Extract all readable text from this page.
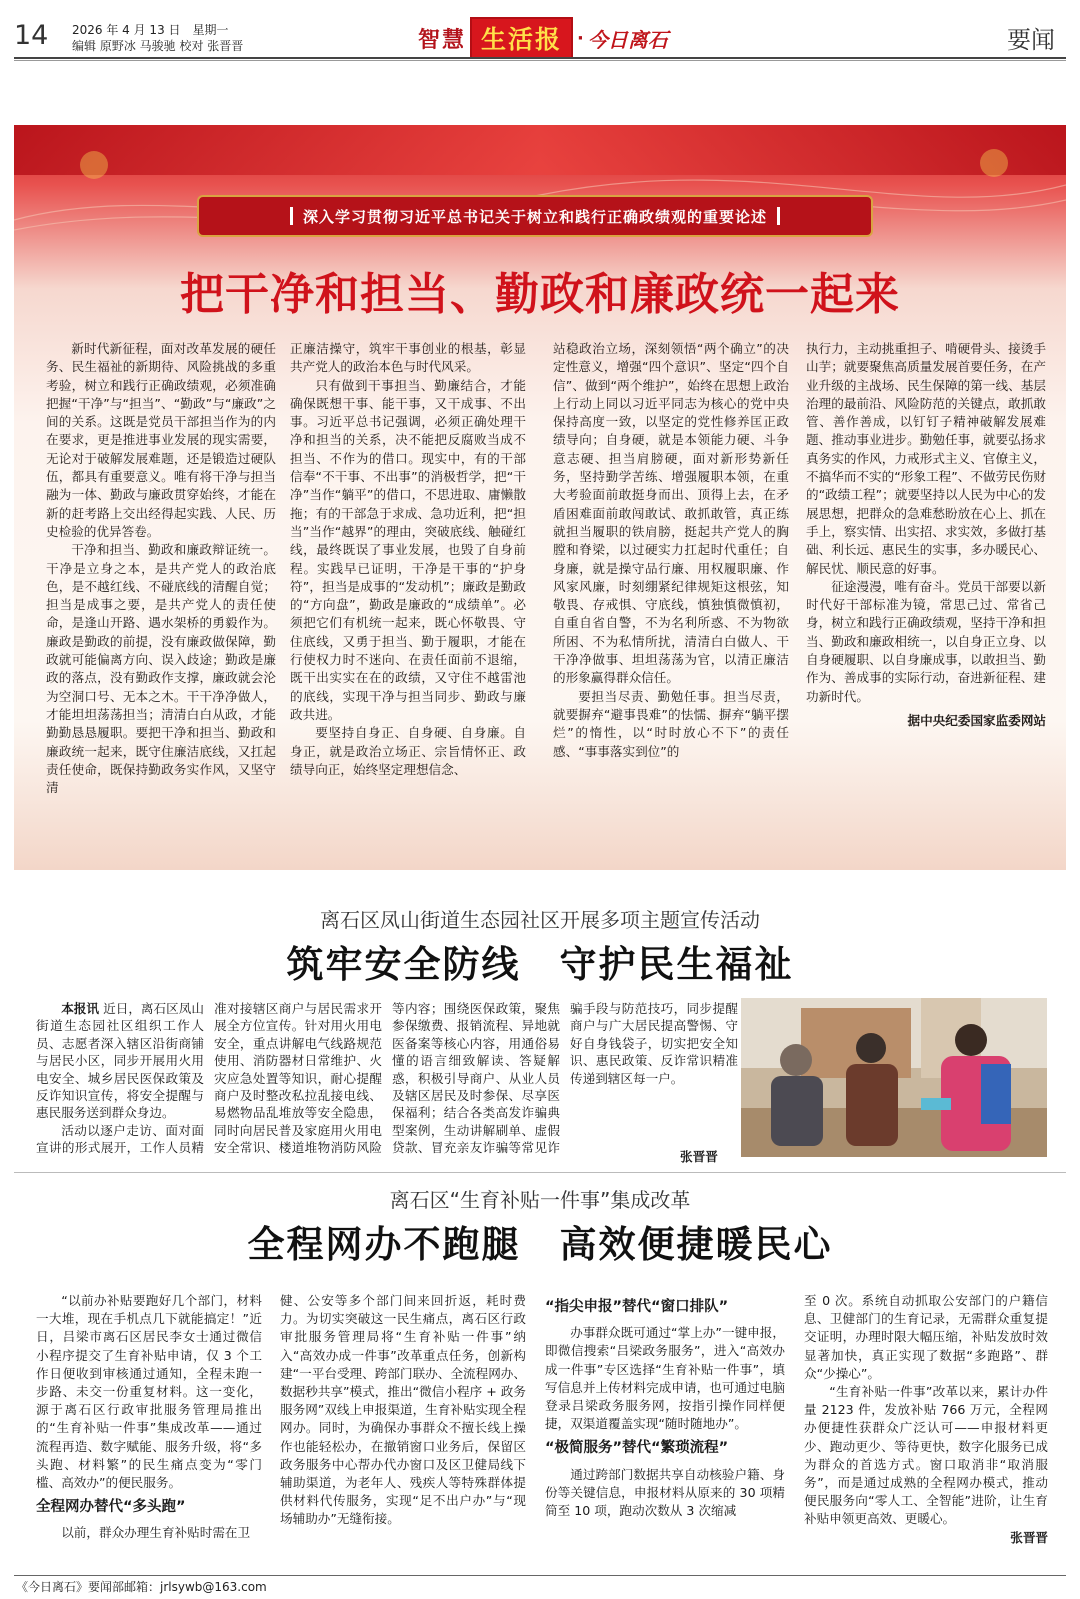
14 2026 年 4 月 13 日　星期一
编辑 原野冰 马骏驰 校对 张晋晋	智慧 生活报 · 今日离石	要闻
深入学习贯彻习近平总书记关于树立和践行正确政绩观的重要论述
把干净和担当、勤政和廉政统一起来

新时代新征程，面对改革发展的硬任务、民生福祉的新期待、风险挑战的多重考验，树立和践行正确政绩观，必须准确把握“干净”与“担当”、“勤政”与“廉政”之间的关系。这既是党员干部担当作为的内在要求，更是推进事业发展的现实需要，无论对于破解发展难题，还是锻造过硬队伍，都具有重要意义。唯有将干净与担当融为一体、勤政与廉政贯穿始终，才能在新的赶考路上交出经得起实践、人民、历史检验的优异答卷。

干净和担当、勤政和廉政辩证统一。干净是立身之本，是共产党人的政治底色，是不越红线、不碰底线的清醒自觉；担当是成事之要，是共产党人的责任使命，是逢山开路、遇水架桥的勇毅作为。廉政是勤政的前提，没有廉政做保障，勤政就可能偏离方向、误入歧途；勤政是廉政的落点，没有勤政作支撑，廉政就会沦为空洞口号、无本之木。干干净净做人，才能坦坦荡荡担当；清清白白从政，才能勤勤恳恳履职。要把干净和担当、勤政和廉政统一起来，既守住廉洁底线，又扛起责任使命，既保持勤政务实作风，又坚守清

正廉洁操守，筑牢干事创业的根基，彰显共产党人的政治本色与时代风采。

只有做到干事担当、勤廉结合，才能确保既想干事、能干事，又干成事、不出事。习近平总书记强调，必须正确处理干净和担当的关系，决不能把反腐败当成不担当、不作为的借口。现实中，有的干部信奉“不干事、不出事”的消极哲学，把“干净”当作“躺平”的借口，不思进取、庸懒散拖；有的干部急于求成、急功近利，把“担当”当作“越界”的理由，突破底线、触碰红线，最终既误了事业发展，也毁了自身前程。实践早已证明，干净是干事的“护身符”，担当是成事的“发动机”；廉政是勤政的“方向盘”，勤政是廉政的“成绩单”。必须把它们有机统一起来，既心怀敬畏、守住底线，又勇于担当、勤于履职，才能在行使权力时不迷向、在责任面前不退缩，既干出实实在在的政绩，又守住不越雷池的底线，实现干净与担当同步、勤政与廉政共进。

要坚持自身正、自身硬、自身廉。自身正，就是政治立场正、宗旨情怀正、政绩导向正，始终坚定理想信念、

站稳政治立场，深刻领悟“两个确立”的决定性意义，增强“四个意识”、坚定“四个自信”、做到“两个维护”，始终在思想上政治上行动上同以习近平同志为核心的党中央保持高度一致，以坚定的党性修养匡正政绩导向；自身硬，就是本领能力硬、斗争意志硬、担当肩膀硬，面对新形势新任务，坚持勤学苦练、增强履职本领，在重大考验面前敢挺身而出、顶得上去，在矛盾困难面前敢闯敢试、敢抓敢管，真正练就担当履职的铁肩膀，挺起共产党人的胸膛和脊梁，以过硬实力扛起时代重任；自身廉，就是操守品行廉、用权履职廉、作风家风廉，时刻绷紧纪律规矩这根弦，知敬畏、存戒惧、守底线，慎独慎微慎初，自重自省自警，不为名利所惑、不为物欲所困、不为私情所扰，清清白白做人、干干净净做事、坦坦荡荡为官，以清正廉洁的形象赢得群众信任。

要担当尽责、勤勉任事。担当尽责，就要摒弃“避事畏难”的怯懦、摒弃“躺平摆烂”的惰性，以“时时放心不下”的责任感、“事事落实到位”的

执行力，主动挑重担子、啃硬骨头、接烫手山芋；就要聚焦高质量发展首要任务，在产业升级的主战场、民生保障的第一线、基层治理的最前沿、风险防范的关键点，敢抓敢管、善作善成，以钉钉子精神破解发展难题、推动事业进步。勤勉任事，就要弘扬求真务实的作风，力戒形式主义、官僚主义，不搞华而不实的“形象工程”、不做劳民伤财的“政绩工程”；就要坚持以人民为中心的发展思想，把群众的急难愁盼放在心上、抓在手上，察实情、出实招、求实效，多做打基础、利长远、惠民生的实事，多办暖民心、解民忧、顺民意的好事。

征途漫漫，唯有奋斗。党员干部要以新时代好干部标准为镜，常思己过、常省己身，树立和践行正确政绩观，坚持干净和担当、勤政和廉政相统一，以自身正立身、以自身硬履职、以自身廉成事，以敢担当、勤作为、善成事的实际行动，奋进新征程、建功新时代。

据中央纪委国家监委网站
离石区凤山街道生态园社区开展多项主题宣传活动
筑牢安全防线　守护民生福祉

本报讯 近日，离石区凤山街道生态园社区组织工作人员、志愿者深入辖区沿街商铺与居民小区，同步开展用火用电安全、城乡居民医保政策及反诈知识宣传，将安全提醒与惠民服务送到群众身边。

活动以逐户走访、面对面宣讲的形式展开，工作人员精准对接辖区商户与居民需求开展全方位宣传。针对用火用电安全，重点讲解电气线路规范使用、消防器材日常维护、火灾应急处置等知识，耐心提醒商户及时整改私拉乱接电线、易燃物品乱堆放等安全隐患，同时向居民普及家庭用火用电安全常识、楼道堆物消防风险等内容；围绕医保政策，聚焦参保缴费、报销流程、异地就医备案等核心内容，用通俗易懂的语言细致解读、答疑解惑，积极引导商户、从业人员及辖区居民及时参保、尽享医保福利；结合各类高发诈骗典型案例，生动讲解刷单、虚假贷款、冒充亲友诈骗等常见诈骗手段与防范技巧，同步提醒商户与广大居民提高警惕、守好自身钱袋子，切实把安全知识、惠民政策、反诈常识精准传递到辖区每一户。

张晋晋
离石区“生育补贴一件事”集成改革
全程网办不跑腿　高效便捷暖民心

“以前办补贴要跑好几个部门，材料一大堆，现在手机点几下就能搞定！”近日，吕梁市离石区居民李女士通过微信小程序提交了生育补贴申请，仅 3 个工作日便收到审核通过通知，全程未跑一步路、未交一份重复材料。这一变化，源于离石区行政审批服务管理局推出的“生育补贴一件事”集成改革——通过流程再造、数字赋能、服务升级，将“多头跑、材料繁”的民生痛点变为“零门槛、高效办”的便民服务。

全程网办替代“多头跑”

以前，群众办理生育补贴时需在卫

健、公安等多个部门间来回折返，耗时费力。为切实突破这一民生痛点，离石区行政审批服务管理局将“生育补贴一件事”纳入“高效办成一件事”改革重点任务，创新构建“一平台受理、跨部门联办、全流程网办、数据秒共享”模式，推出“微信小程序 + 政务服务网”双线上申报渠道，生育补贴实现全程网办。同时，为确保办事群众不擅长线上操作也能轻松办，在撤销窗口业务后，保留区政务服务中心帮办代办窗口及区卫健局线下辅助渠道，为老年人、残疾人等特殊群体提供材料代传服务，实现“足不出户办”与“现场辅助办”无缝衔接。

“指尖申报”替代“窗口排队”

办事群众既可通过“掌上办”一键申报，即微信搜索“吕梁政务服务”，进入“高效办成一件事”专区选择“生育补贴一件事”，填写信息并上传材料完成申请，也可通过电脑登录吕梁政务服务网，按指引操作同样便捷，双渠道覆盖实现“随时随地办”。

“极简服务”替代“繁琐流程”

通过跨部门数据共享自动核验户籍、身份等关键信息，申报材料从原来的 30 项精简至 10 项，跑动次数从 3 次缩减

至 0 次。系统自动抓取公安部门的户籍信息、卫健部门的生育记录，无需群众重复提交证明，办理时限大幅压缩，补贴发放时效显著加快，真正实现了数据“多跑路”、群众“少操心”。

“生育补贴一件事”改革以来，累计办件量 2123 件，发放补贴 766 万元，全程网办便捷性获群众广泛认可——申报材料更少、跑动更少、等待更快，数字化服务已成为群众的首选方式。窗口取消非“取消服务”，而是通过成熟的全程网办模式，推动便民服务向“零人工、全智能”进阶，让生育补贴申领更高效、更暖心。

张晋晋
《今日离石》要闻部邮箱：jrlsywb@163.com
